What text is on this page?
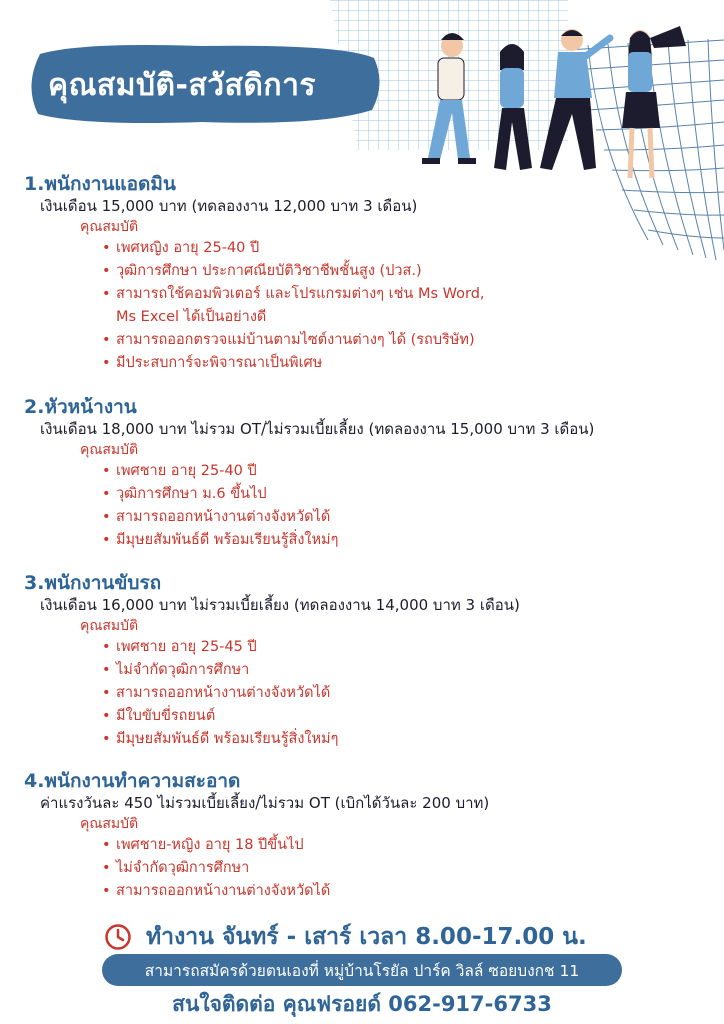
คุณสมบัติ-สวัสดิการ

1.พนักงานแอดมิน

เงินเดือน 15,000 บาท (ทดลองงาน 12,000 บาท 3 เดือน)

คุณสมบัติ

• เพศหญิง อายุ 25-40 ปี
• วุฒิการศึกษา ประกาศณียบัติวิชาชีพชั้นสูง (ปวส.)
• สามารถใช้คอมพิวเตอร์ และโปรแกรมต่างๆ เช่น Ms Word,
Ms Excel ได้เป็นอย่างดี
• สามารถออกตรวจแม่บ้านตามไซต์งานต่างๆ ได้ (รถบริษัท)
• มีประสบการ์จะพิจารณาเป็นพิเศษ

2.หัวหน้างาน

เงินเดือน 18,000 บาท ไม่รวม OT/ไม่รวมเบี้ยเลี้ยง (ทดลองงาน 15,000 บาท 3 เดือน)

คุณสมบัติ

• เพศชาย อายุ 25-40 ปี
• วุฒิการศึกษา ม.6 ขึ้นไป
• สามารถออกหน้างานต่างจังหวัดได้
• มีมุษยสัมพันธ์ดี พร้อมเรียนรู้สิ่งใหม่ๆ

3.พนักงานขับรถ

เงินเดือน 16,000 บาท ไม่รวมเบี้ยเลี้ยง (ทดลองงาน 14,000 บาท 3 เดือน)

คุณสมบัติ

• เพศชาย อายุ 25-45 ปี
• ไม่จำกัดวุฒิการศึกษา
• สามารถออกหน้างานต่างจังหวัดได้
• มีใบขับขี่รถยนต์
• มีมุษยสัมพันธ์ดี พร้อมเรียนรู้สิ่งใหม่ๆ

4.พนักงานทำความสะอาด

ค่าแรงวันละ 450 ไม่รวมเบี้ยเลี้ยง/ไม่รวม OT (เบิกได้วันละ 200 บาท)

คุณสมบัติ

• เพศชาย-หญิง อายุ 18 ปีขึ้นไป
• ไม่จำกัดวุฒิการศึกษา
• สามารถออกหน้างานต่างจังหวัดได้
ทำงาน จันทร์ - เสาร์ เวลา 8.00-17.00 น.
สามารถสมัครด้วยตนเองที่ หมู่บ้านโรยัล ปาร์ค วิลล์ ซอยบงกช 11
สนใจติดต่อ คุณฟรอยด์ 062-917-6733
